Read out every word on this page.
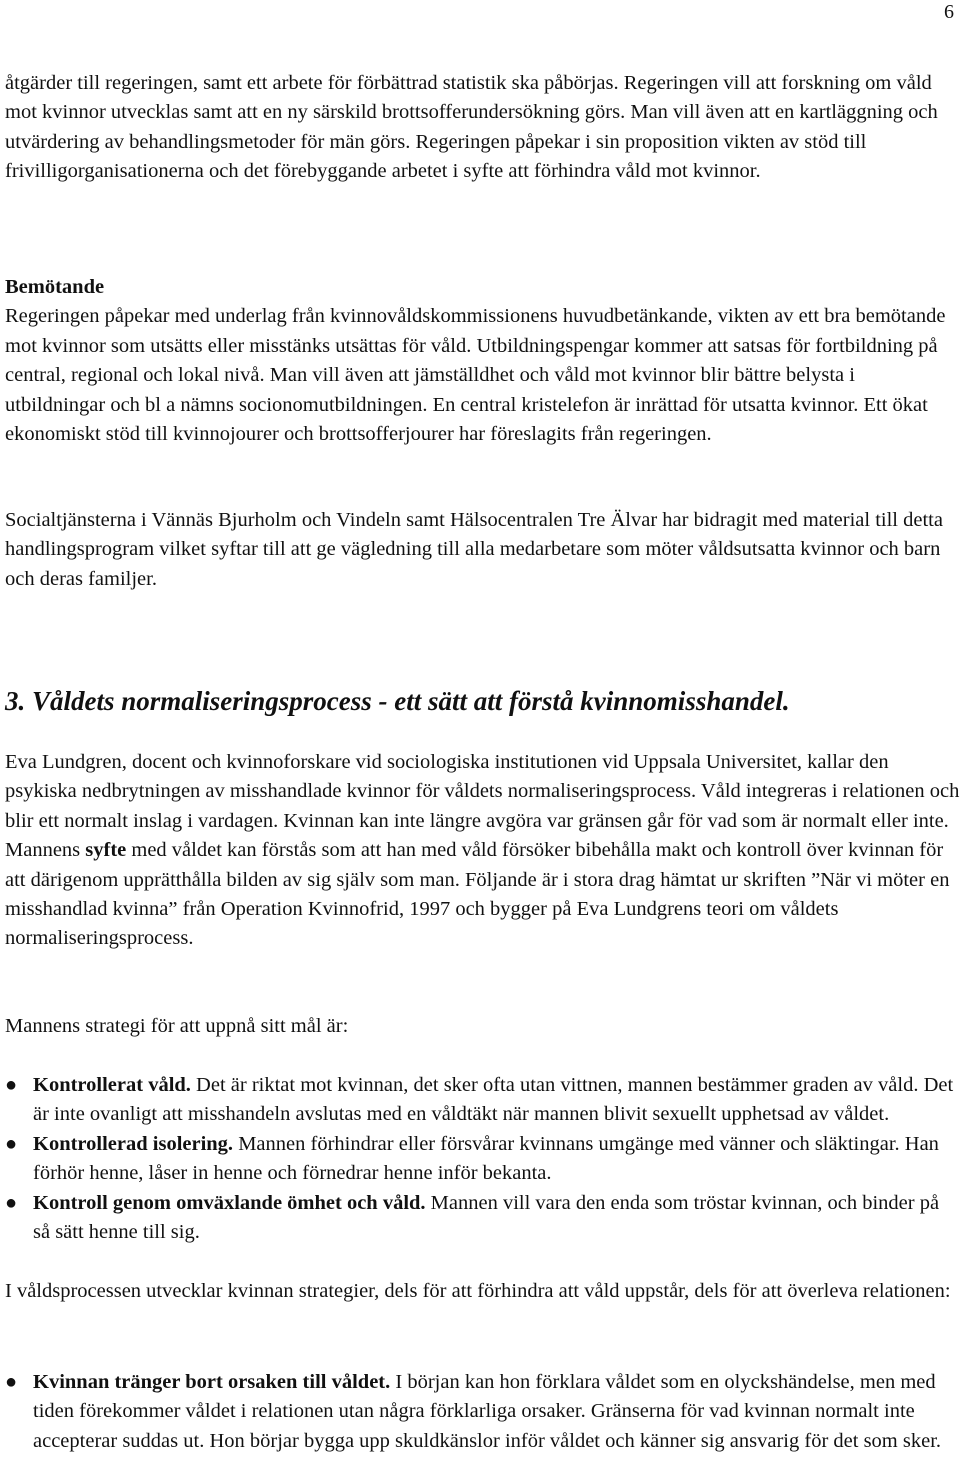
6
åtgärder till regeringen, samt ett arbete för förbättrad statistik ska påbörjas. Regeringen vill att forskning om våld mot kvinnor utvecklas samt att en ny särskild brottsofferundersökning görs. Man vill även att en kartläggning och utvärdering av behandlingsmetoder för män görs. Regeringen påpekar i sin proposition vikten av stöd till frivilligorganisationerna och det förebyggande arbetet i syfte att förhindra våld mot kvinnor.
Bemötande
Regeringen påpekar med underlag från kvinnovåldskommissionens huvudbetänkande, vikten av ett bra bemötande mot kvinnor som utsätts eller misstänks utsättas för våld. Utbildningspengar kommer att satsas för fortbildning på central, regional och lokal nivå. Man vill även att jämställdhet och våld mot kvinnor blir bättre belysta i utbildningar och bl a nämns socionomutbildningen. En central kristelefon är inrättad för utsatta kvinnor. Ett ökat ekonomiskt stöd till kvinnojourer och brottsofferjourer har föreslagits från regeringen.
Socialtjänsterna i Vännäs Bjurholm och Vindeln samt Hälsocentralen Tre Älvar har bidragit med material till detta handlingsprogram vilket syftar till att ge vägledning till alla medarbetare som möter våldsutsatta kvinnor och barn och deras familjer.
3. Våldets normaliseringsprocess - ett sätt att förstå kvinnomisshandel.
Eva Lundgren, docent och kvinnoforskare vid sociologiska institutionen vid Uppsala Universitet, kallar den psykiska nedbrytningen av misshandlade kvinnor för våldets normaliseringsprocess. Våld integreras i relationen och blir ett normalt inslag i vardagen. Kvinnan kan inte längre avgöra var gränsen går för vad som är normalt eller inte. Mannens syfte med våldet kan förstås som att han med våld försöker bibehålla makt och kontroll över kvinnan för att därigenom upprätthålla bilden av sig själv som man. Följande är i stora drag hämtat ur skriften ”När vi möter en misshandlad kvinna” från Operation Kvinnofrid, 1997 och bygger på Eva Lundgrens teori om våldets normaliseringsprocess.
Mannens strategi för att uppnå sitt mål är:
● Kontrollerat våld. Det är riktat mot kvinnan, det sker ofta utan vittnen, mannen bestämmer graden av våld. Det är inte ovanligt att misshandeln avslutas med en våldtäkt när mannen blivit sexuellt upphetsad av våldet.
● Kontrollerad isolering. Mannen förhindrar eller försvårar kvinnans umgänge med vänner och släktingar. Han förhör henne, låser in henne och förnedrar henne inför bekanta.
● Kontroll genom omväxlande ömhet och våld. Mannen vill vara den enda som tröstar kvinnan, och binder på så sätt henne till sig.
I våldsprocessen utvecklar kvinnan strategier, dels för att förhindra att våld uppstår, dels för att överleva relationen:
● Kvinnan tränger bort orsaken till våldet. I början kan hon förklara våldet som en olyckshändelse, men med tiden förekommer våldet i relationen utan några förklarliga orsaker. Gränserna för vad kvinnan normalt inte accepterar suddas ut. Hon börjar bygga upp skuldkänslor inför våldet och känner sig ansvarig för det som sker.
